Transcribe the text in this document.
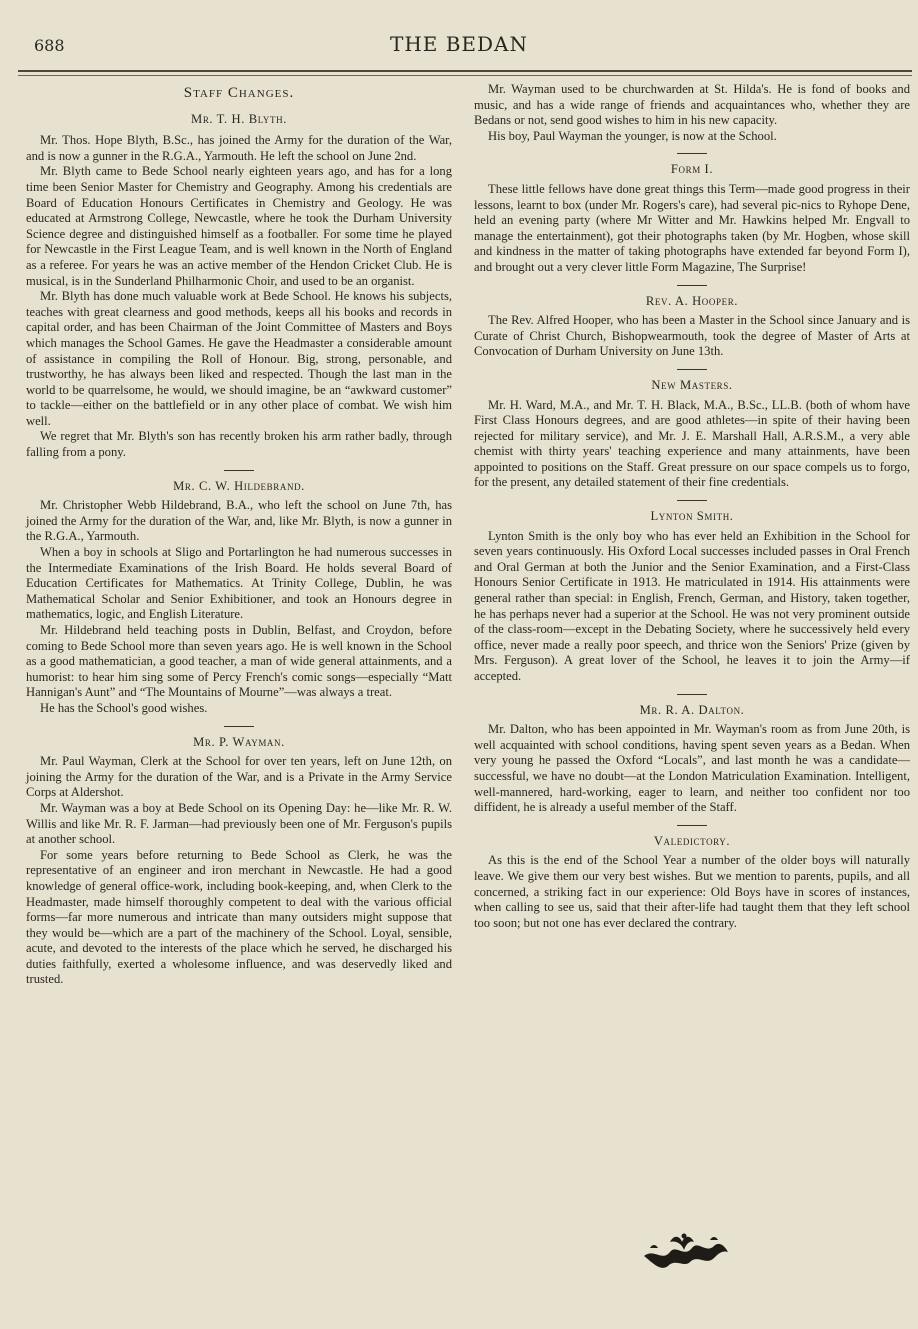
688	THE BEDAN
Staff Changes.
Mr. T. H. Blyth.

Mr. Thos. Hope Blyth, B.Sc., has joined the Army for the duration of the War, and is now a gunner in the R.G.A., Yarmouth. He left the school on June 2nd.

Mr. Blyth came to Bede School nearly eighteen years ago, and has for a long time been Senior Master for Chemistry and Geography. Among his credentials are Board of Education Honours Certificates in Chemistry and Geology. He was educated at Armstrong College, Newcastle, where he took the Durham University Science degree and distinguished himself as a footballer. For some time he played for Newcastle in the First League Team, and is well known in the North of England as a referee. For years he was an active member of the Hendon Cricket Club. He is musical, is in the Sunderland Philharmonic Choir, and used to be an organist.

Mr. Blyth has done much valuable work at Bede School. He knows his subjects, teaches with great clearness and good methods, keeps all his books and records in capital order, and has been Chairman of the Joint Committee of Masters and Boys which manages the School Games. He gave the Headmaster a considerable amount of assistance in compiling the Roll of Honour. Big, strong, personable, and trustworthy, he has always been liked and respected. Though the last man in the world to be quarrelsome, he would, we should imagine, be an “awkward customer” to tackle—either on the battlefield or in any other place of combat. We wish him well.

We regret that Mr. Blyth's son has recently broken his arm rather badly, through falling from a pony.

Mr. C. W. Hildebrand.

Mr. Christopher Webb Hildebrand, B.A., who left the school on June 7th, has joined the Army for the duration of the War, and, like Mr. Blyth, is now a gunner in the R.G.A., Yarmouth.

When a boy in schools at Sligo and Portarlington he had numerous successes in the Intermediate Examinations of the Irish Board. He holds several Board of Education Certificates for Mathematics. At Trinity College, Dublin, he was Mathematical Scholar and Senior Exhibitioner, and took an Honours degree in mathematics, logic, and English Literature.

Mr. Hildebrand held teaching posts in Dublin, Belfast, and Croydon, before coming to Bede School more than seven years ago. He is well known in the School as a good mathematician, a good teacher, a man of wide general attainments, and a humorist: to hear him sing some of Percy French's comic songs—especially “Matt Hannigan's Aunt” and “The Mountains of Mourne”—was always a treat.

He has the School's good wishes.

Mr. P. Wayman.

Mr. Paul Wayman, Clerk at the School for over ten years, left on June 12th, on joining the Army for the duration of the War, and is a Private in the Army Service Corps at Aldershot.

Mr. Wayman was a boy at Bede School on its Opening Day: he—like Mr. R. W. Willis and like Mr. R. F. Jarman—had previously been one of Mr. Ferguson's pupils at another school.

For some years before returning to Bede School as Clerk, he was the representative of an engineer and iron merchant in Newcastle. He had a good knowledge of general office-work, including book-keeping, and, when Clerk to the Headmaster, made himself thoroughly competent to deal with the various official forms—far more numerous and intricate than many outsiders might suppose that they would be—which are a part of the machinery of the School. Loyal, sensible, acute, and devoted to the interests of the place which he served, he discharged his duties faithfully, exerted a wholesome influence, and was deservedly liked and trusted.

Mr. Wayman used to be churchwarden at St. Hilda's. He is fond of books and music, and has a wide range of friends and acquaintances who, whether they are Bedans or not, send good wishes to him in his new capacity.

His boy, Paul Wayman the younger, is now at the School.

Form I.

These little fellows have done great things this Term—made good progress in their lessons, learnt to box (under Mr. Rogers's care), had several pic-nics to Ryhope Dene, held an evening party (where Mr Witter and Mr. Hawkins helped Mr. Engvall to manage the entertainment), got their photographs taken (by Mr. Hogben, whose skill and kindness in the matter of taking photographs have extended far beyond Form I), and brought out a very clever little Form Magazine, The Surprise!

Rev. A. Hooper.

The Rev. Alfred Hooper, who has been a Master in the School since January and is Curate of Christ Church, Bishopwearmouth, took the degree of Master of Arts at Convocation of Durham University on June 13th.

New Masters.

Mr. H. Ward, M.A., and Mr. T. H. Black, M.A., B.Sc., LL.B. (both of whom have First Class Honours degrees, and are good athletes—in spite of their having been rejected for military service), and Mr. J. E. Marshall Hall, A.R.S.M., a very able chemist with thirty years' teaching experience and many attainments, have been appointed to positions on the Staff. Great pressure on our space compels us to forgo, for the present, any detailed statement of their fine credentials.

Lynton Smith.

Lynton Smith is the only boy who has ever held an Exhibition in the School for seven years continuously. His Oxford Local successes included passes in Oral French and Oral German at both the Junior and the Senior Examination, and a First-Class Honours Senior Certificate in 1913. He matriculated in 1914. His attainments were general rather than special: in English, French, German, and History, taken together, he has perhaps never had a superior at the School. He was not very prominent outside of the class-room—except in the Debating Society, where he successively held every office, never made a really poor speech, and thrice won the Seniors' Prize (given by Mrs. Ferguson). A great lover of the School, he leaves it to join the Army—if accepted.

Mr. R. A. Dalton.

Mr. Dalton, who has been appointed in Mr. Wayman's room as from June 20th, is well acquainted with school conditions, having spent seven years as a Bedan. When very young he passed the Oxford “Locals”, and last month he was a candidate—successful, we have no doubt—at the London Matriculation Examination. Intelligent, well-mannered, hard-working, eager to learn, and neither too confident nor too diffident, he is already a useful member of the Staff.

Valedictory.

As this is the end of the School Year a number of the older boys will naturally leave. We give them our very best wishes. But we mention to parents, pupils, and all concerned, a striking fact in our experience: Old Boys have in scores of instances, when calling to see us, said that their after-life had taught them that they left school too soon; but not one has ever declared the contrary.
